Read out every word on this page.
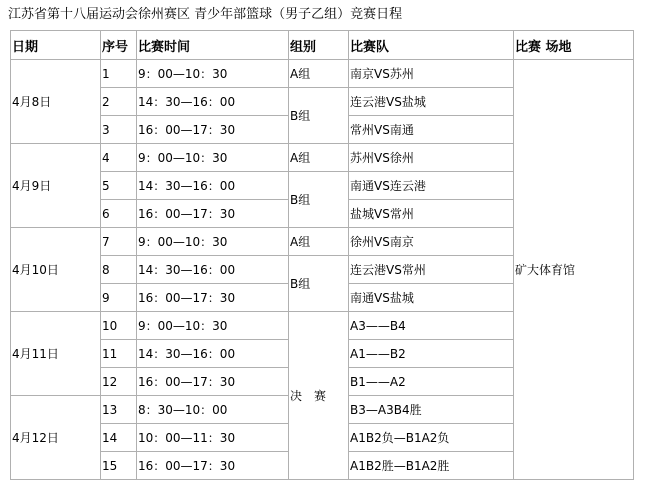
江苏省第十八届运动会徐州赛区 青少年部篮球（男子乙组）竞赛日程
日期	序号	比赛时间	组别	比赛队	比赛 场地
4月8日	1	9：00—10：30	A组	南京VS苏州	矿大体育馆
	2	14：30—16：00	B组	连云港VS盐城	
	3	16：00—17：30		常州VS南通	
4月9日	4	9：00—10：30	A组	苏州VS徐州	
	5	14：30—16：00	B组	南通VS连云港	
	6	16：00—17：30		盐城VS常州	
4月10日	7	9：00—10：30	A组	徐州VS南京	
	8	14：30—16：00	B组	连云港VS常州	
	9	16：00—17：30		南通VS盐城	
4月11日	10	9：00—10：30	决　赛	A3——B4	
	11	14：30—16：00		A1——B2	
	12	16：00—17：30		B1——A2	
4月12日	13	8：30—10：00		B3—A3B4胜	
	14	10：00—11：30		A1B2负—B1A2负	
	15	16：00—17：30		A1B2胜—B1A2胜	
